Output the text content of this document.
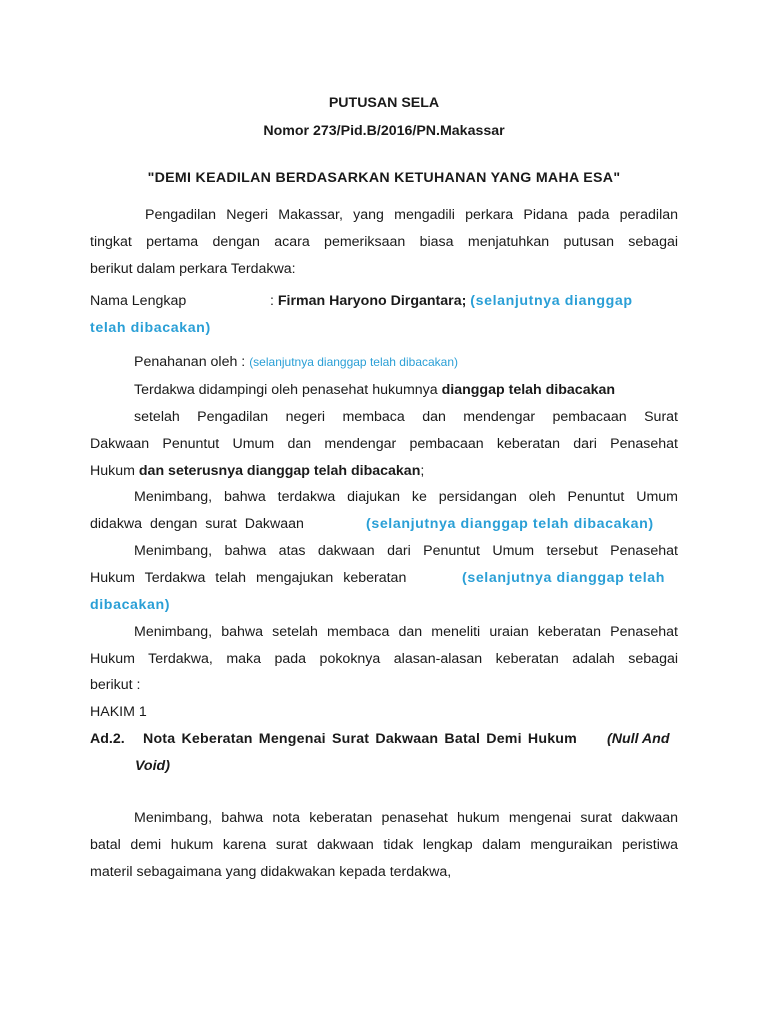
PUTUSAN SELA
Nomor 273/Pid.B/2016/PN.Makassar
"DEMI KEADILAN BERDASARKAN KETUHANAN YANG MAHA ESA"
Pengadilan Negeri Makassar, yang mengadili perkara Pidana pada peradilan
tingkat pertama dengan acara pemeriksaan biasa menjatuhkan putusan sebagai
berikut dalam perkara Terdakwa:
Nama Lengkap	: Firman Haryono Dirgantara; (selanjutnya dianggap
telah dibacakan)
Penahanan oleh : (selanjutnya dianggap telah dibacakan)
Terdakwa didampingi oleh penasehat hukumnya dianggap telah dibacakan
setelah Pengadilan negeri membaca dan mendengar pembacaan Surat
Dakwaan Penuntut Umum dan mendengar pembacaan keberatan dari Penasehat
Hukum dan seterusnya dianggap telah dibacakan;
Menimbang, bahwa terdakwa diajukan ke persidangan oleh Penuntut Umum
didakwa dengan surat Dakwaan	(selanjutnya dianggap telah dibacakan)
Menimbang, bahwa atas dakwaan dari Penuntut Umum tersebut Penasehat
Hukum Terdakwa telah mengajukan keberatan	(selanjutnya dianggap telah
dibacakan)
Menimbang, bahwa setelah membaca dan meneliti uraian keberatan Penasehat
Hukum Terdakwa, maka pada pokoknya alasan-alasan keberatan adalah sebagai
berikut :
HAKIM 1
Ad.2. Nota Keberatan Mengenai Surat Dakwaan Batal Demi Hukum (Null And
Void)
Menimbang, bahwa nota keberatan penasehat hukum mengenai surat dakwaan
batal demi hukum karena surat dakwaan tidak lengkap dalam menguraikan peristiwa
materil sebagaimana yang didakwakan kepada terdakwa,
